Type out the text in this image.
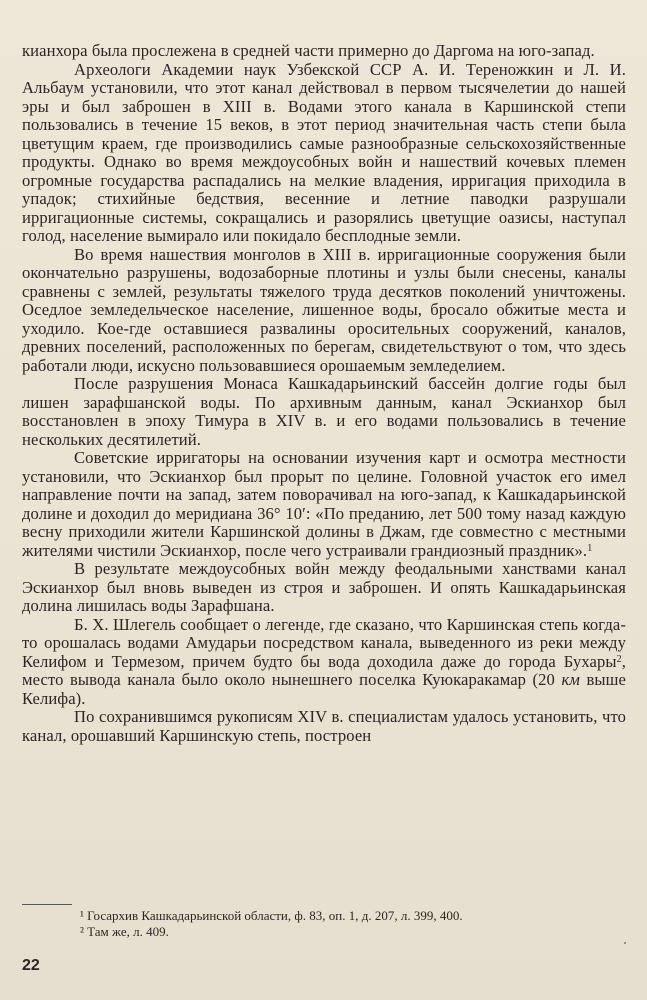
кианхора была прослежена в средней части примерно до Даргома на юго-запад.

Археологи Академии наук Узбекской ССР А. И. Тереножкин и Л. И. Альбаум установили, что этот канал действовал в первом тысячелетии до нашей эры и был заброшен в XIII в. Водами этого канала в Каршинской степи пользовались в течение 15 веков, в этот период значительная часть степи была цветущим краем, где производились самые разнообразные сельскохозяйственные продукты. Однако во время междоусобных войн и нашествий кочевых племен огромные государства распадались на мелкие владения, ирригация приходила в упадок; стихийные бедствия, весенние и летние паводки разрушали ирригационные системы, сокращались и разорялись цветущие оазисы, наступал голод, население вымирало или покидало бесплодные земли.

Во время нашествия монголов в XIII в. ирригационные сооружения были окончательно разрушены, водозаборные плотины и узлы были снесены, каналы сравнены с землей, результаты тяжелого труда десятков поколений уничтожены. Оседлое земледельческое население, лишенное воды, бросало обжитые места и уходило. Кое-где оставшиеся развалины оросительных сооружений, каналов, древних поселений, расположенных по берегам, свидетельствуют о том, что здесь работали люди, искусно пользовавшиеся орошаемым земледелием.

После разрушения Монаса Кашкадарьинский бассейн долгие годы был лишен зарафшанской воды. По архивным данным, канал Эскианхор был восстановлен в эпоху Тимура в XIV в. и его водами пользовались в течение нескольких десятилетий.

Советские ирригаторы на основании изучения карт и осмотра местности установили, что Эскианхор был прорыт по целине. Головной участок его имел направление почти на запад, затем поворачивал на юго-запад, к Кашкадарьинской долине и доходил до меридиана 36° 10′: «По преданию, лет 500 тому назад каждую весну приходили жители Каршинской долины в Джам, где совместно с местными жителями чистили Эскианхор, после чего устраивали грандиозный праздник».$^1$

В результате междоусобных войн между феодальными ханствами канал Эскианхор был вновь выведен из строя и заброшен. И опять Кашкадарьинская долина лишилась воды Зарафшана.

Б. Х. Шлегель сообщает о легенде, где сказано, что Каршинская степь когда-то орошалась водами Амударьи посредством канала, выведенного из реки между Келифом и Термезом, причем будто бы вода доходила даже до города Бухары$^2$, место вывода канала было около нынешнего поселка Куюкаракамар (20 км выше Келифа).

По сохранившимся рукописям XIV в. специалистам удалось установить, что канал, орошавший Каршинскую степь, построен

¹ Госархив Кашкадарьинской области, ф. 83, оп. 1, д. 207, л. 399, 400.

² Там же, л. 409.

22
